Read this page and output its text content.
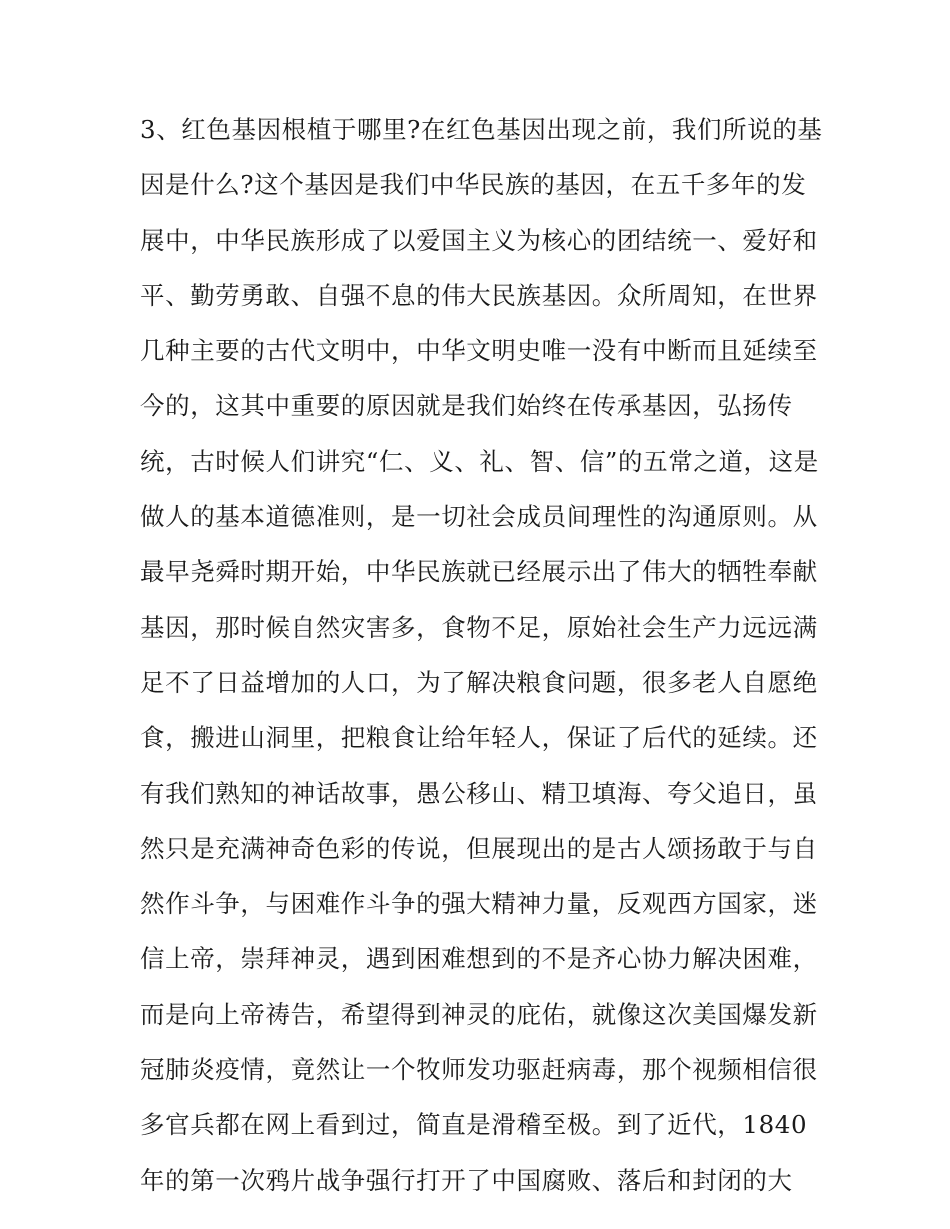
3、红色基因根植于哪里?在红色基因出现之前，我们所说的基
因是什么?这个基因是我们中华民族的基因，在五千多年的发
展中，中华民族形成了以爱国主义为核心的团结统一、爱好和
平、勤劳勇敢、自强不息的伟大民族基因。众所周知，在世界
几种主要的古代文明中，中华文明史唯一没有中断而且延续至
今的，这其中重要的原因就是我们始终在传承基因，弘扬传
统，古时候人们讲究“仁、义、礼、智、信”的五常之道，这是
做人的基本道德准则，是一切社会成员间理性的沟通原则。从
最早尧舜时期开始，中华民族就已经展示出了伟大的牺牲奉献
基因，那时候自然灾害多，食物不足，原始社会生产力远远满
足不了日益增加的人口，为了解决粮食问题，很多老人自愿绝
食，搬进山洞里，把粮食让给年轻人，保证了后代的延续。还
有我们熟知的神话故事，愚公移山、精卫填海、夸父追日，虽
然只是充满神奇色彩的传说，但展现出的是古人颂扬敢于与自
然作斗争，与困难作斗争的强大精神力量，反观西方国家，迷
信上帝，崇拜神灵，遇到困难想到的不是齐心协力解决困难，
而是向上帝祷告，希望得到神灵的庇佑，就像这次美国爆发新
冠肺炎疫情，竟然让一个牧师发功驱赶病毒，那个视频相信很
多官兵都在网上看到过，简直是滑稽至极。到了近代，1840
年的第一次鸦片战争强行打开了中国腐败、落后和封闭的大
